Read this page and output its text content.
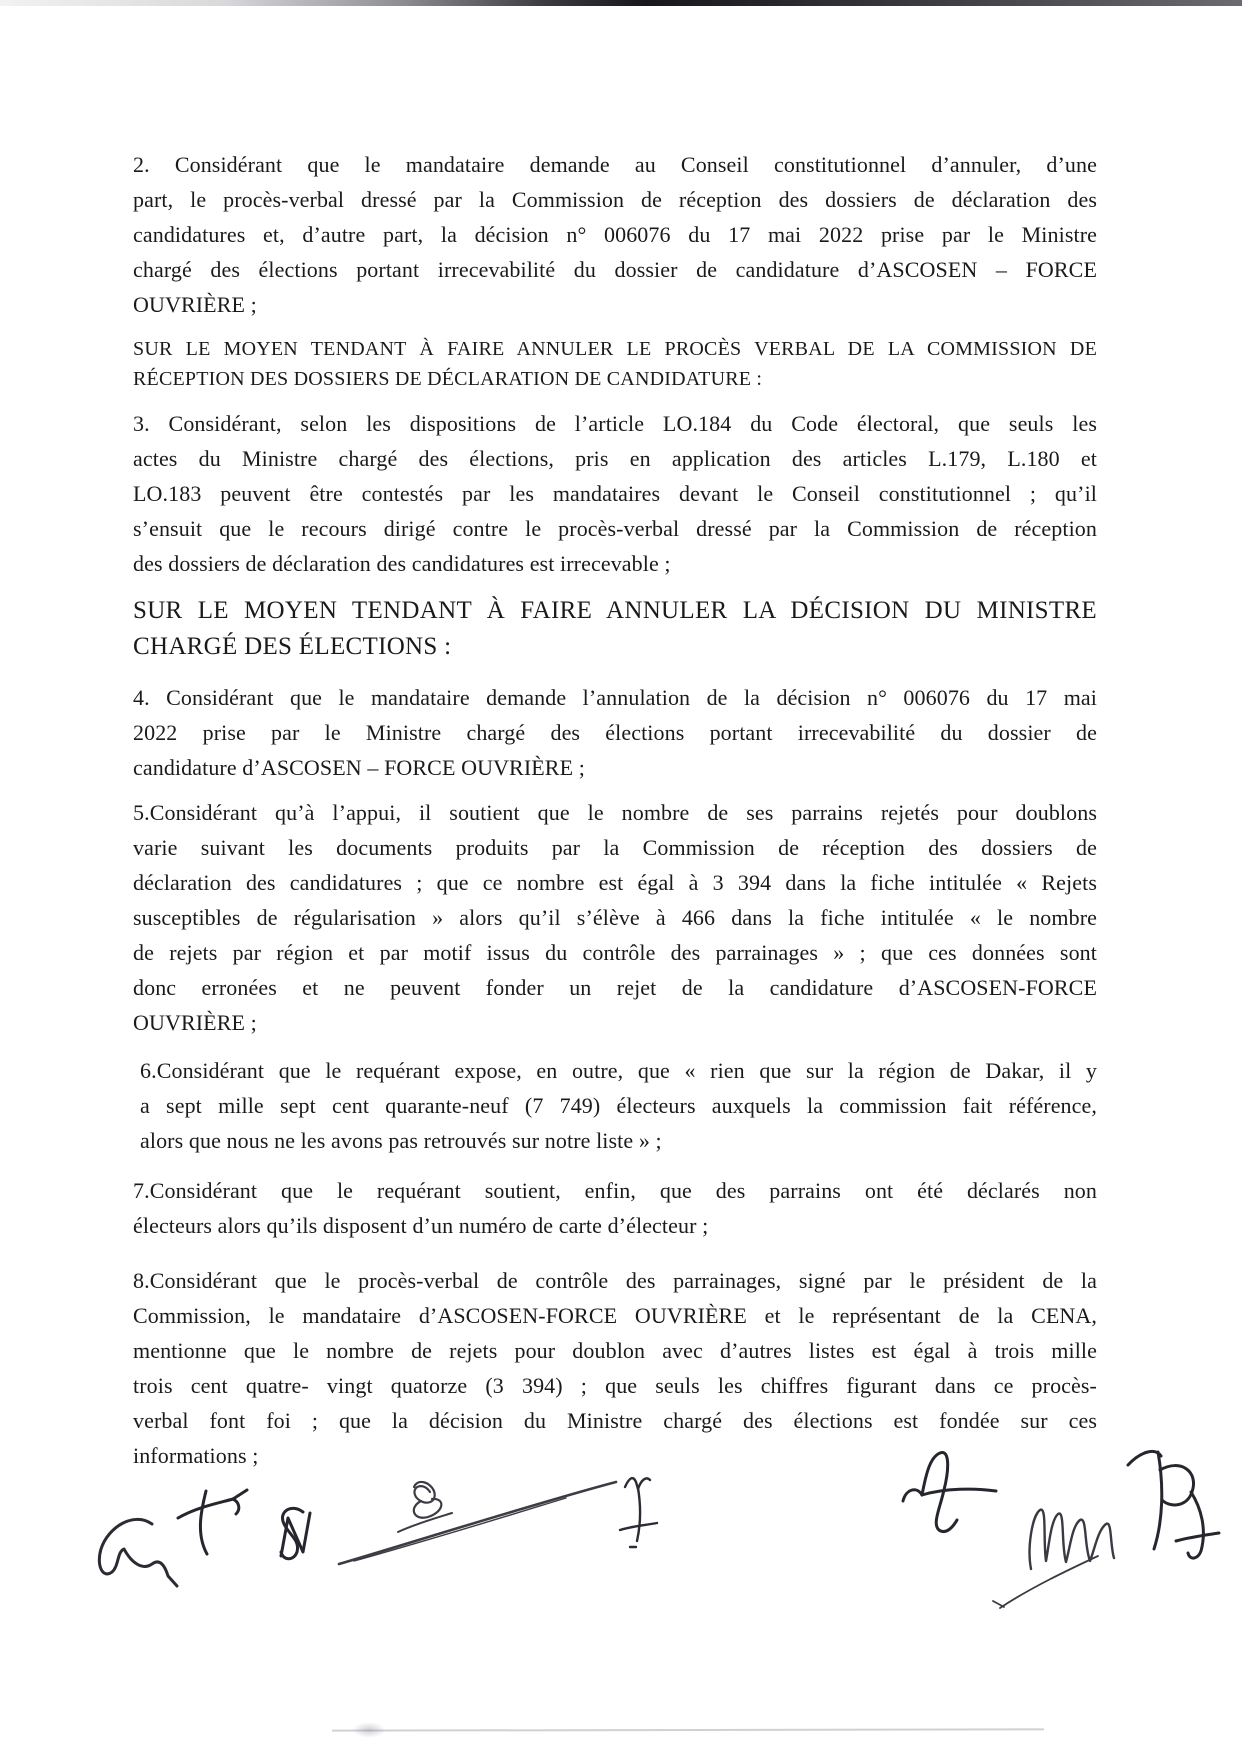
2. Considérant que le mandataire demande au Conseil constitutionnel d’annuler, d’une
part, le procès-verbal dressé par la Commission de réception des dossiers de déclaration des
candidatures et, d’autre part, la décision n° 006076 du 17 mai 2022 prise par le Ministre
chargé des élections portant irrecevabilité du dossier de candidature d’ASCOSEN – FORCE
OUVRIÈRE ;
SUR LE MOYEN TENDANT À FAIRE ANNULER LE PROCÈS VERBAL DE LA COMMISSION DE
RÉCEPTION DES DOSSIERS DE DÉCLARATION DE CANDIDATURE :
3. Considérant, selon les dispositions de l’article LO.184 du Code électoral, que seuls les
actes du Ministre chargé des élections, pris en application des articles L.179, L.180 et
LO.183 peuvent être contestés par les mandataires devant le Conseil constitutionnel ; qu’il
s’ensuit que le recours dirigé contre le procès-verbal dressé par la Commission de réception
des dossiers de déclaration des candidatures est irrecevable ;
SUR LE MOYEN TENDANT À FAIRE ANNULER LA DÉCISION DU MINISTRE
CHARGÉ DES ÉLECTIONS :
4. Considérant que le mandataire demande l’annulation de la décision n° 006076 du 17 mai
2022 prise par le Ministre chargé des élections portant irrecevabilité du dossier de
candidature d’ASCOSEN – FORCE OUVRIÈRE ;
5.Considérant qu’à l’appui, il soutient que le nombre de ses parrains rejetés pour doublons
varie suivant les documents produits par la Commission de réception des dossiers de
déclaration des candidatures ; que ce nombre est égal à 3 394 dans la fiche intitulée « Rejets
susceptibles de régularisation » alors qu’il s’élève à 466 dans la fiche intitulée « le nombre
de rejets par région et par motif issus du contrôle des parrainages » ; que ces données sont
donc erronées et ne peuvent fonder un rejet de la candidature d’ASCOSEN-FORCE
OUVRIÈRE ;
6.Considérant que le requérant expose, en outre, que « rien que sur la région de Dakar, il y
a sept mille sept cent quarante-neuf (7 749) électeurs auxquels la commission fait référence,
alors que nous ne les avons pas retrouvés sur notre liste » ;
7.Considérant que le requérant soutient, enfin, que des parrains ont été déclarés non
électeurs alors qu’ils disposent d’un numéro de carte d’électeur ;
8.Considérant que le procès-verbal de contrôle des parrainages, signé par le président de la
Commission, le mandataire d’ASCOSEN-FORCE OUVRIÈRE et le représentant de la CENA,
mentionne que le nombre de rejets pour doublon avec d’autres listes est égal à trois mille
trois cent quatre- vingt quatorze (3 394) ; que seuls les chiffres figurant dans ce procès-
verbal font foi ; que la décision du Ministre chargé des élections est fondée sur ces
informations ;
